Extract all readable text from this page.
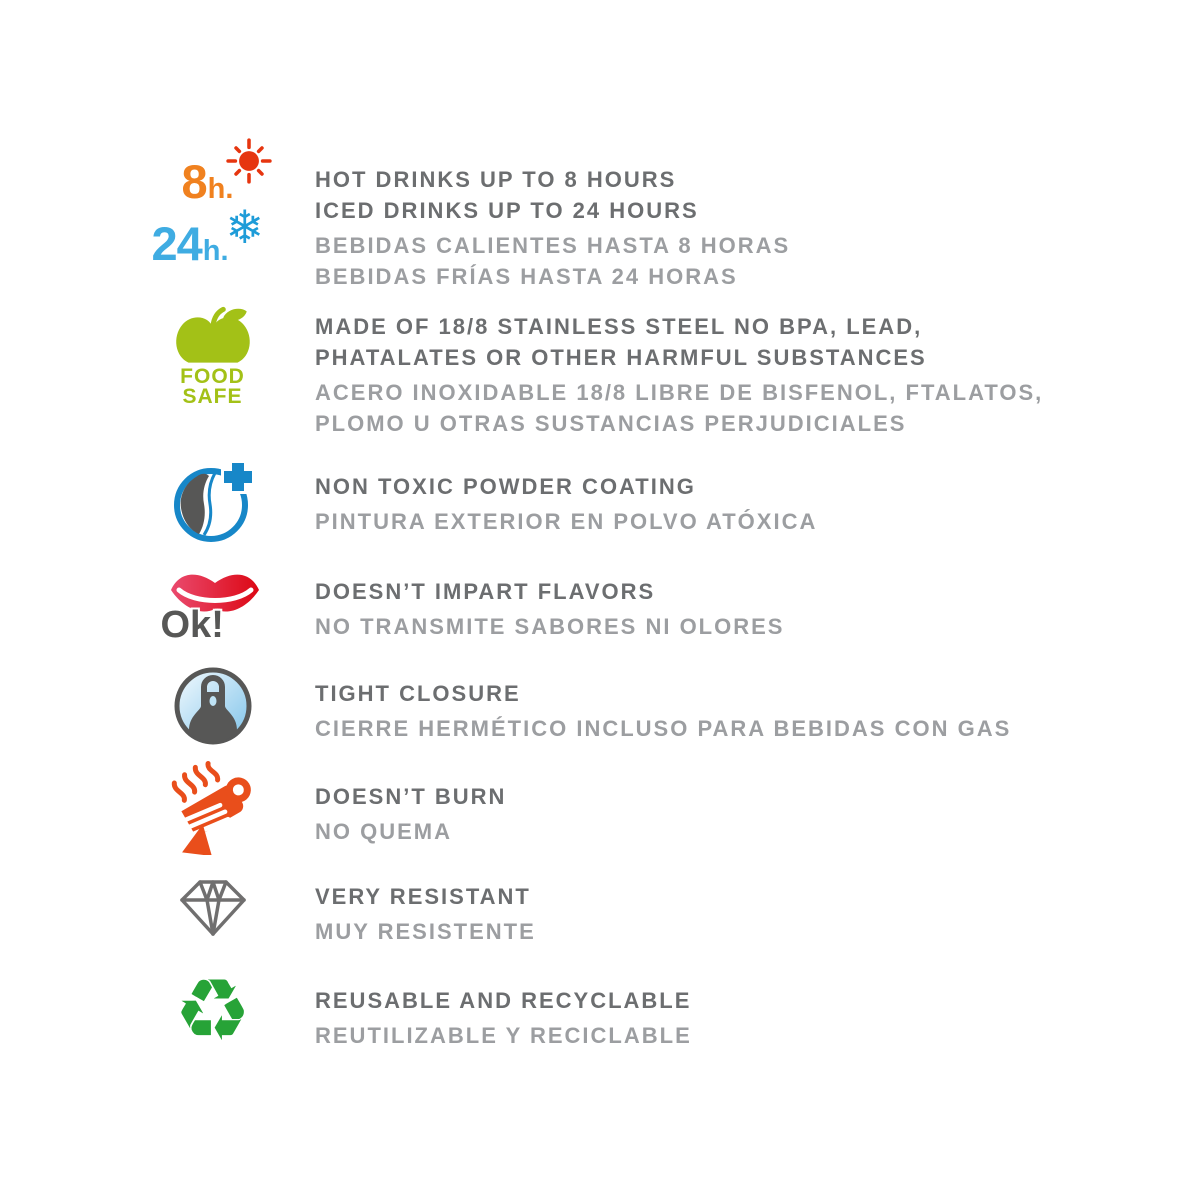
8 h.
24 h.
❄
HOT DRINKS UP TO 8 HOURS
ICED DRINKS UP TO 24 HOURS
BEBIDAS CALIENTES HASTA 8 HORAS
BEBIDAS FRÍAS HASTA 24 HORAS
FOOD
SAFE
MADE OF 18/8 STAINLESS STEEL NO BPA, LEAD,
PHATALATES OR OTHER HARMFUL SUBSTANCES
ACERO INOXIDABLE 18/8 LIBRE DE BISFENOL, FTALATOS,
PLOMO U OTRAS SUSTANCIAS PERJUDICIALES
NON TOXIC POWDER COATING
PINTURA EXTERIOR EN POLVO ATÓXICA
Ok!
DOESN’T IMPART FLAVORS
NO TRANSMITE SABORES NI OLORES
TIGHT CLOSURE
CIERRE HERMÉTICO INCLUSO PARA BEBIDAS CON GAS
DOESN’T BURN
NO QUEMA
VERY RESISTANT
MUY RESISTENTE
♻	REUSABLE AND RECYCLABLE
REUTILIZABLE Y RECICLABLE
